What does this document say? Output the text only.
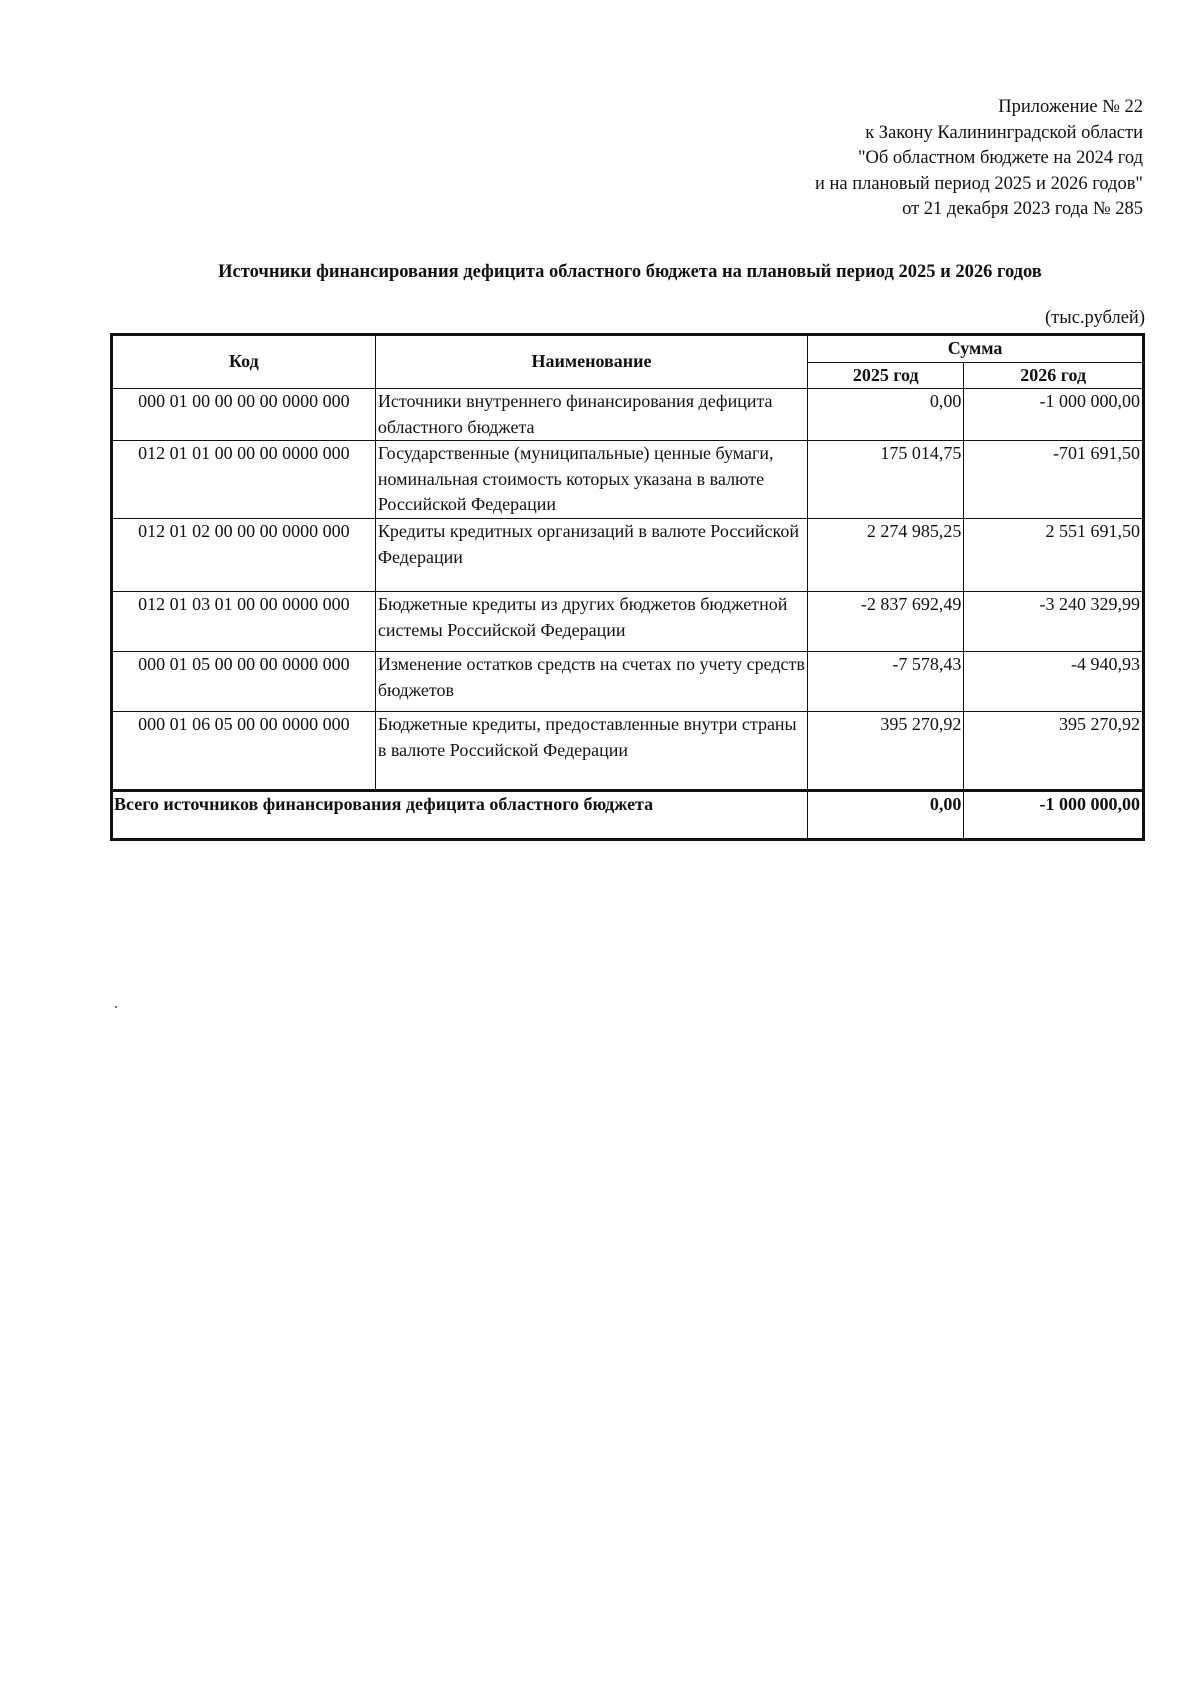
Приложение № 22
к Закону Калининградской области
"Об областном бюджете на 2024 год
и на плановый период 2025 и 2026 годов"
от 21 декабря 2023 года № 285
Источники финансирования дефицита областного бюджета на плановый период 2025 и 2026 годов
(тыс.рублей)
Код	Наименование	Сумма	
		2025 год	2026 год
000 01 00 00 00 00 0000 000	Источники внутреннего финансирования дефицита областного бюджета	0,00	-1 000 000,00
012 01 01 00 00 00 0000 000	Государственные (муниципальные) ценные бумаги, номинальная стоимость которых указана в валюте Российской Федерации	175 014,75	-701 691,50
012 01 02 00 00 00 0000 000	Кредиты кредитных организаций в валюте Российской Федерации	2 274 985,25	2 551 691,50
012 01 03 01 00 00 0000 000	Бюджетные кредиты из других бюджетов бюджетной системы Российской Федерации	-2 837 692,49	-3 240 329,99
000 01 05 00 00 00 0000 000	Изменение остатков средств на счетах по учету средств бюджетов	-7 578,43	-4 940,93
000 01 06 05 00 00 0000 000	Бюджетные кредиты, предоставленные внутри страны в валюте Российской Федерации	395 270,92	395 270,92
Всего источников финансирования дефицита областного бюджета		0,00	-1 000 000,00
